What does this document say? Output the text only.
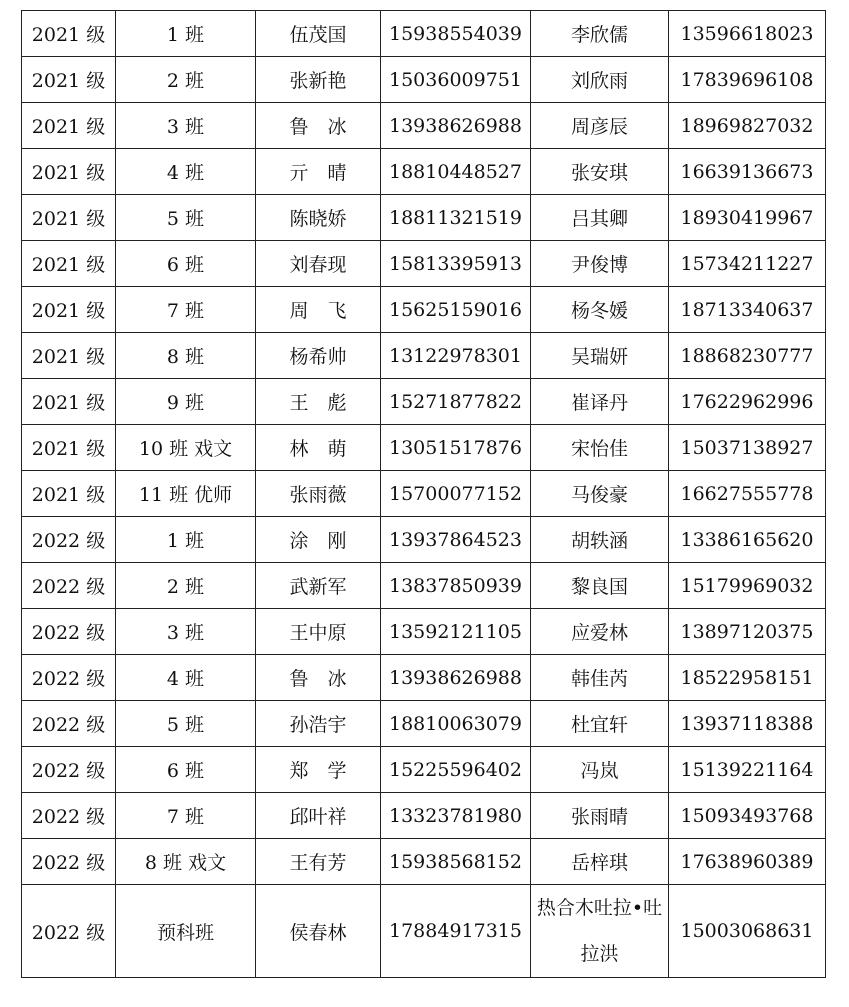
2021 级	1 班	伍茂国	15938554039	李欣儒	13596618023
2021 级	2 班	张新艳	15036009751	刘欣雨	17839696108
2021 级	3 班	鲁　冰	13938626988	周彦辰	18969827032
2021 级	4 班	亓　晴	18810448527	张安琪	16639136673
2021 级	5 班	陈晓娇	18811321519	吕其卿	18930419967
2021 级	6 班	刘春现	15813395913	尹俊博	15734211227
2021 级	7 班	周　飞	15625159016	杨冬媛	18713340637
2021 级	8 班	杨希帅	13122978301	吴瑞妍	18868230777
2021 级	9 班	王　彪	15271877822	崔译丹	17622962996
2021 级	10 班 戏文	林　萌	13051517876	宋怡佳	15037138927
2021 级	11 班 优师	张雨薇	15700077152	马俊豪	16627555778
2022 级	1 班	涂　刚	13937864523	胡轶涵	13386165620
2022 级	2 班	武新军	13837850939	黎良国	15179969032
2022 级	3 班	王中原	13592121105	应爱林	13897120375
2022 级	4 班	鲁　冰	13938626988	韩佳芮	18522958151
2022 级	5 班	孙浩宇	18810063079	杜宜轩	13937118388
2022 级	6 班	郑　学	15225596402	冯岚	15139221164
2022 级	7 班	邱叶祥	13323781980	张雨晴	15093493768
2022 级	8 班 戏文	王有芳	15938568152	岳梓琪	17638960389
2022 级	预科班	侯春林	17884917315	热合木吐拉•吐拉洪	15003068631
